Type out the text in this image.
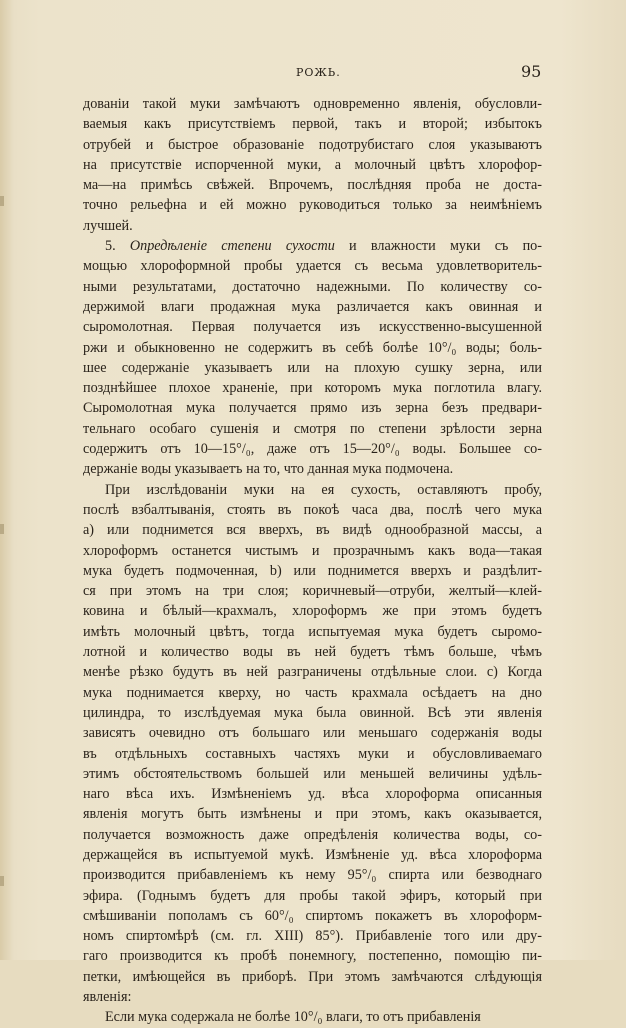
РОЖЬ.	95
дованіи такой муки замѣчаютъ одновременно явленія, обусловли-
ваемыя какъ присутствіемъ первой, такъ и второй; избытокъ
отрубей и быстрое образованіе подотрубистаго слоя указываютъ
на присутствіе испорченной муки, а молочный цвѣтъ хлорофор-
ма—на примѣсь свѣжей. Впрочемъ, послѣдняя проба не доста-
точно рельефна и ей можно руководиться только за неимѣніемъ
лучшей.
5. Опредѣленіе степени сухости и влажности муки съ по-
мощью хлороформной пробы удается съ весьма удовлетворитель-
ными результатами, достаточно надежными. По количеству со-
держимой влаги продажная мука различается какъ овинная и
сыромолотная. Первая получается изъ искусственно-высушенной
ржи и обыкновенно не содержитъ въ себѣ болѣе 10°/₀ воды; боль-
шее содержаніе указываетъ или на плохую сушку зерна, или
позднѣйшее плохое храненіе, при которомъ мука поглотила влагу.
Сыромолотная мука получается прямо изъ зерна безъ предвари-
тельнаго особаго сушенія и смотря по степени зрѣлости зерна
содержитъ отъ 10—15°/₀, даже отъ 15—20°/₀ воды. Большее со-
держаніе воды указываетъ на то, что данная мука подмочена.
При изслѣдованіи муки на ея сухость, оставляютъ пробу,
послѣ взбалтыванія, стоять въ покоѣ часа два, послѣ чего мука
а) или поднимется вся вверхъ, въ видѣ однообразной массы, а
хлороформъ останется чистымъ и прозрачнымъ какъ вода—такая
мука будетъ подмоченная, b) или поднимется вверхъ и раздѣлит-
ся при этомъ на три слоя; коричневый—отруби, желтый—клей-
ковина и бѣлый—крахмалъ, хлороформъ же при этомъ будетъ
имѣть молочный цвѣтъ, тогда испытуемая мука будетъ сыромо-
лотной и количество воды въ ней будетъ тѣмъ больше, чѣмъ
менѣе рѣзко будутъ въ ней разграничены отдѣльные слои. с) Когда
мука поднимается кверху, но часть крахмала осѣдаетъ на дно
цилиндра, то изслѣдуемая мука была овинной. Всѣ эти явленія
зависятъ очевидно отъ большаго или меньшаго содержанія воды
въ отдѣльныхъ составныхъ частяхъ муки и обусловливаемаго
этимъ обстоятельствомъ большей или меньшей величины удѣль-
наго вѣса ихъ. Измѣненіемъ уд. вѣса хлороформа описанныя
явленія могутъ быть измѣнены и при этомъ, какъ оказывается,
получается возможность даже опредѣленія количества воды, со-
держащейся въ испытуемой мукѣ. Измѣненіе уд. вѣса хлороформа
производится прибавленіемъ къ нему 95°/₀ спирта или безводнаго
эфира. (Годнымъ будетъ для пробы такой эфиръ, который при
смѣшиваніи пополамъ съ 60°/₀ спиртомъ покажетъ въ хлороформ-
номъ спиртомѣрѣ (см. гл. XIII) 85°). Прибавленіе того или дру-
гаго производится къ пробѣ понемногу, постепенно, помощію пи-
петки, имѣющейся въ приборѣ. При этомъ замѣчаются слѣдующія
явленія:
Если мука содержала не болѣе 10°/₀ влаги, то отъ прибавленія
